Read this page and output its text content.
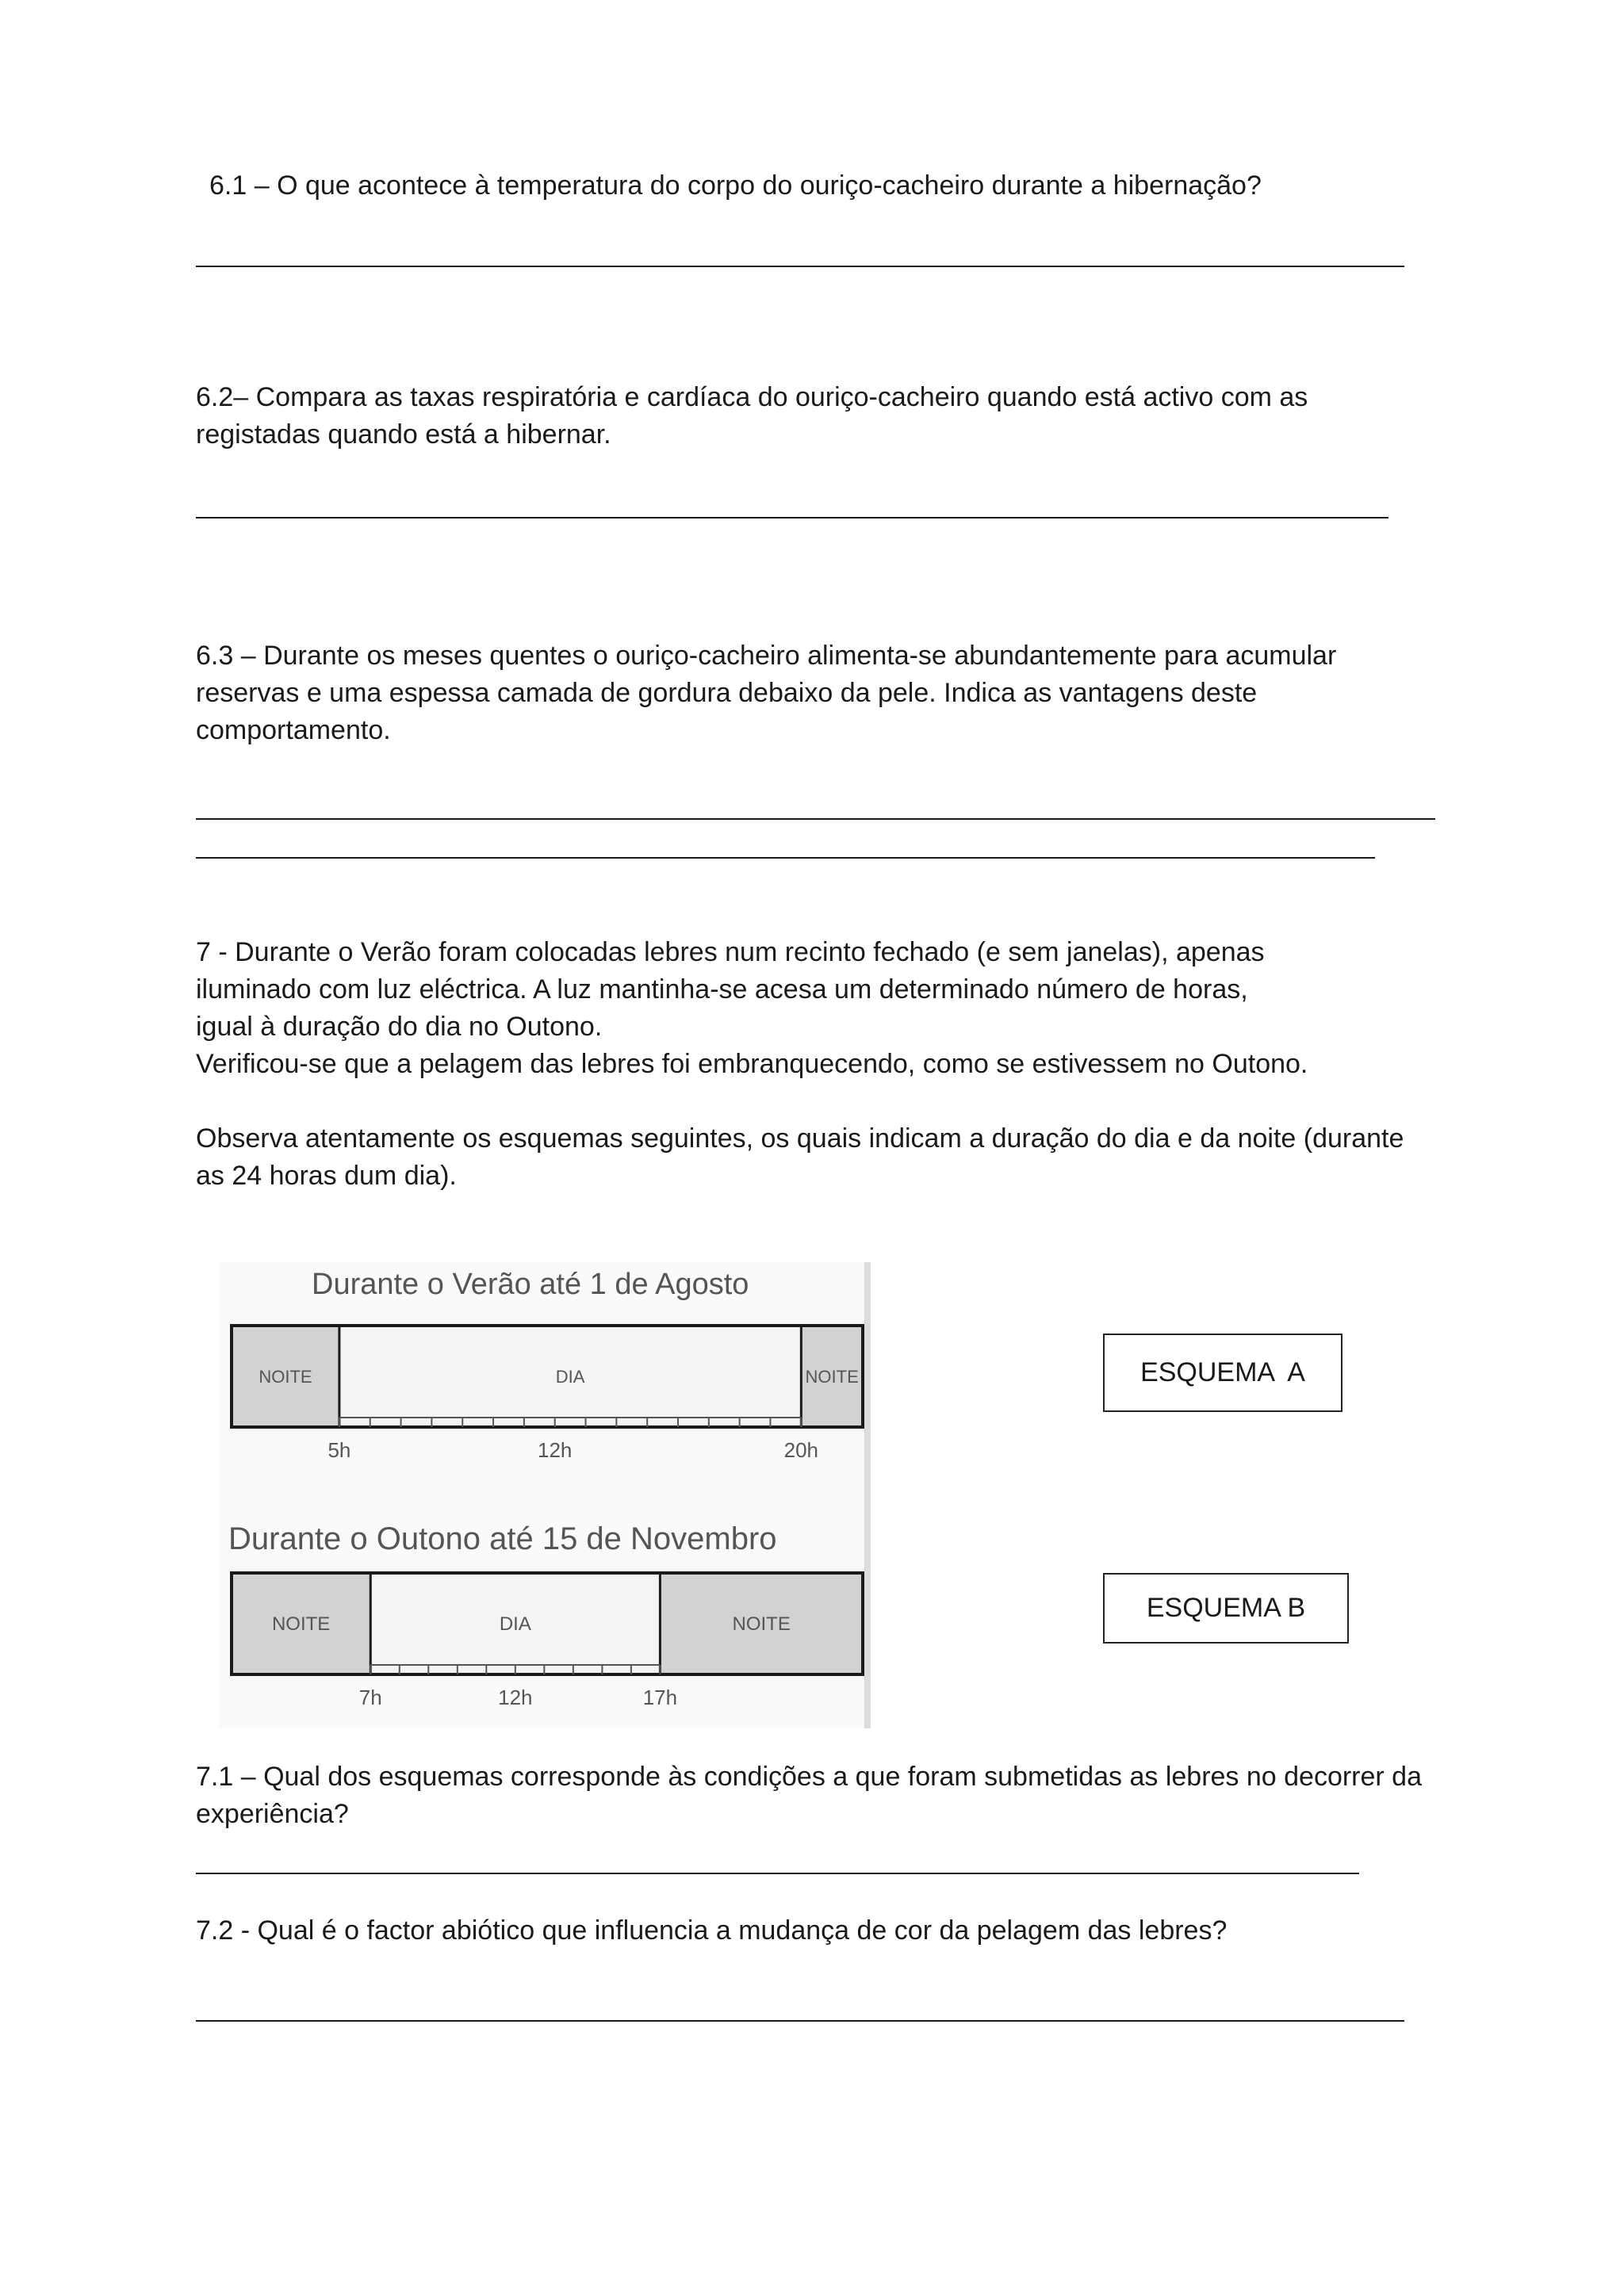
6.1 – O que acontece à temperatura do corpo do ouriço-cacheiro durante a hibernação?
6.2– Compara as taxas respiratória e cardíaca do ouriço-cacheiro quando está activo com as
registadas quando está a hibernar.
6.3 – Durante os meses quentes o ouriço-cacheiro alimenta-se abundantemente para acumular
reservas e uma espessa camada de gordura debaixo da pele. Indica as vantagens deste
comportamento.
7 - Durante o Verão foram colocadas lebres num recinto fechado (e sem janelas), apenas
iluminado com luz eléctrica. A luz mantinha-se acesa um determinado número de horas,
igual à duração do dia no Outono.
Verificou-se que a pelagem das lebres foi embranquecendo, como se estivessem no Outono.
Observa atentamente os esquemas seguintes, os quais indicam a duração do dia e da noite (durante
as 24 horas dum dia).
Durante o Verão até 1 de Agosto
NOITE	DIA	NOITE
5h	12h	20h
Durante o Outono até 15 de Novembro
NOITE	DIA	NOITE
7h	12h	17h
ESQUEMA  A
ESQUEMA B
7.1 – Qual dos esquemas corresponde às condições a que foram submetidas as lebres no decorrer da
experiência?
7.2 - Qual é o factor abiótico que influencia a mudança de cor da pelagem das lebres?
